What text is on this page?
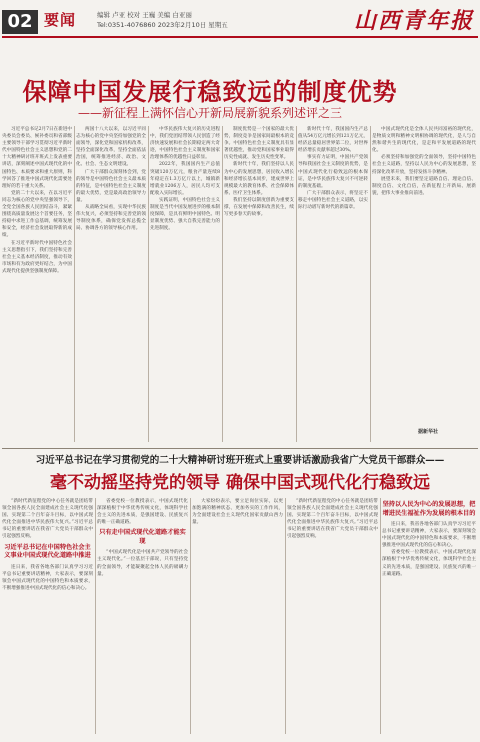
02 要闻	编辑 卢亚 校对 王巍 美编 白亚丽
Tel:0351-4076860 2023年2月10日 星期五	山西青年报
保障中国发展行稳致远的制度优势
——新征程上满怀信心开新局展新貌系列述评之三

习近平总书记2月7日在新进中央委员会委员、候补委员和省部级主要领导干部学习贯彻习近平新时代中国特色社会主义思想和党的二十大精神研讨班开班式上发表重要讲话，深刻阐述中国式现代化的中国特色、本质要求和重大原则，科学回答了推进中国式现代化需要处理好的若干重大关系。

党的二十大以来，在以习近平同志为核心的党中央坚强领导下，全党全国各族人民团结奋斗，紧紧围绕高质量发展这个首要任务，坚持稳中求进工作总基调，统筹发展和安全，经济社会发展取得新的成绩。

在习近平新时代中国特色社会主义思想指引下，我们坚持和完善社会主义基本经济制度，推动有效市场和有为政府更好结合，为中国式现代化提供坚强制度保障。

两国十八大以来，以习近平同志为核心的党中央坚持加强党的全面领导，深化党和国家机构改革，坚持全面深化改革，坚持全面依法治国，统筹推进经济、政治、文化、社会、生态文明建设。

广大干部群众深刻体会到，党的领导是中国特色社会主义最本质的特征，是中国特色社会主义制度的最大优势，党是最高政治领导力量。

从战略全局看，实现中华民族伟大复兴，必须坚持和完善党的领导制度体系，确保党发挥总揽全局、协调各方的领导核心作用。

中华民族伟大复兴的历史进程中，我们党团结带领人民创造了经济快速发展和社会长期稳定两大奇迹，中国特色社会主义制度和国家治理体系的优越性日益彰显。

2022年，我国国内生产总值突破120万亿元，粮食产量连续8年稳定在1.3万亿斤以上，城镇新增就业1206万人，居民人均可支配收入实际增长。

实践证明，中国特色社会主义制度是当代中国发展进步的根本制度保障，是具有鲜明中国特色、明显制度优势、强大自我完善能力的先进制度。

制度优势是一个国家的最大优势，制度竞争是国家间最根本的竞争。中国特色社会主义制度具有显著优越性，推动党和国家事业取得历史性成就、发生历史性变革。

新时代十年，我们坚持以人民为中心的发展思想，居民收入增长和经济增长基本同步，建成世界上规模最大的教育体系、社会保障体系、医疗卫生体系。

我们坚持以制度创新为重要支撑，在发展中保障和改善民生，续写更多春天的故事。

新时代十年，我国国内生产总值从54万亿元增长到121万亿元，经济总量稳居世界第二位，对世界经济增长贡献率超过30%。

事实有力证明，中国共产党领导和我国社会主义制度的优势，是中国式现代化行稳致远的根本保证，是中华民族伟大复兴不可逆转的制度基础。

广大干部群众表示，将坚定不移走中国特色社会主义道路，以实际行动谱写新时代的新篇章。

中国式现代化是全体人民共同富裕的现代化，是物质文明和精神文明相协调的现代化，是人与自然和谐共生的现代化，是走和平发展道路的现代化。

必须坚持和加强党的全面领导，坚持中国特色社会主义道路，坚持以人民为中心的发展思想，坚持深化改革开放，坚持发扬斗争精神。

展望未来，我们要坚定道路自信、理论自信、制度自信、文化自信，在新征程上开新局、展新貌，把伟大事业推向前进。

据新华社
习近平总书记在学习贯彻党的二十大精神研讨班开班式上重要讲话激励我省广大党员干部群众——
毫不动摇坚持党的领导 确保中国式现代化行稳致远

“新时代新征程党的中心任务就是团结带领全国各族人民全面建成社会主义现代化强国、实现第二个百年奋斗目标，以中国式现代化全面推进中华民族伟大复兴。”习近平总书记的重要讲话在我省广大党员干部群众中引起强烈反响。

习近平总书记在中国特色社会主义事业中国式现代化道路中推进

连日来，我省各地各部门认真学习习近平总书记重要讲话精神，大家表示，要深刻领会中国式现代化的中国特色和本质要求，不断增强推进中国式现代化的信心和决心。

省委党校一位教授表示，中国式现代化深深植根于中华优秀传统文化，体现科学社会主义的先进本质，是强国建设、民族复兴的唯一正确道路。

只有走中国式现代化道路才能实现

“中国式现代化是中国共产党领导的社会主义现代化。”一位基层干部说，只有坚持党的全面领导，才能凝聚起全体人民的磅礴力量。

大家纷纷表示，要立足岗位实际，以更加饱满的精神状态、更加务实的工作作风，为全面建设社会主义现代化国家贡献山西力量。

“新时代新征程党的中心任务就是团结带领全国各族人民全面建成社会主义现代化强国、实现第二个百年奋斗目标，以中国式现代化全面推进中华民族伟大复兴。”习近平总书记的重要讲话在我省广大党员干部群众中引起强烈反响。

坚持以人民为中心的发展思想，把增进民生福祉作为发展的根本目的

连日来，我省各地各部门认真学习习近平总书记重要讲话精神，大家表示，要深刻领会中国式现代化的中国特色和本质要求，不断增强推进中国式现代化的信心和决心。

省委党校一位教授表示，中国式现代化深深植根于中华优秀传统文化，体现科学社会主义的先进本质，是强国建设、民族复兴的唯一正确道路。
